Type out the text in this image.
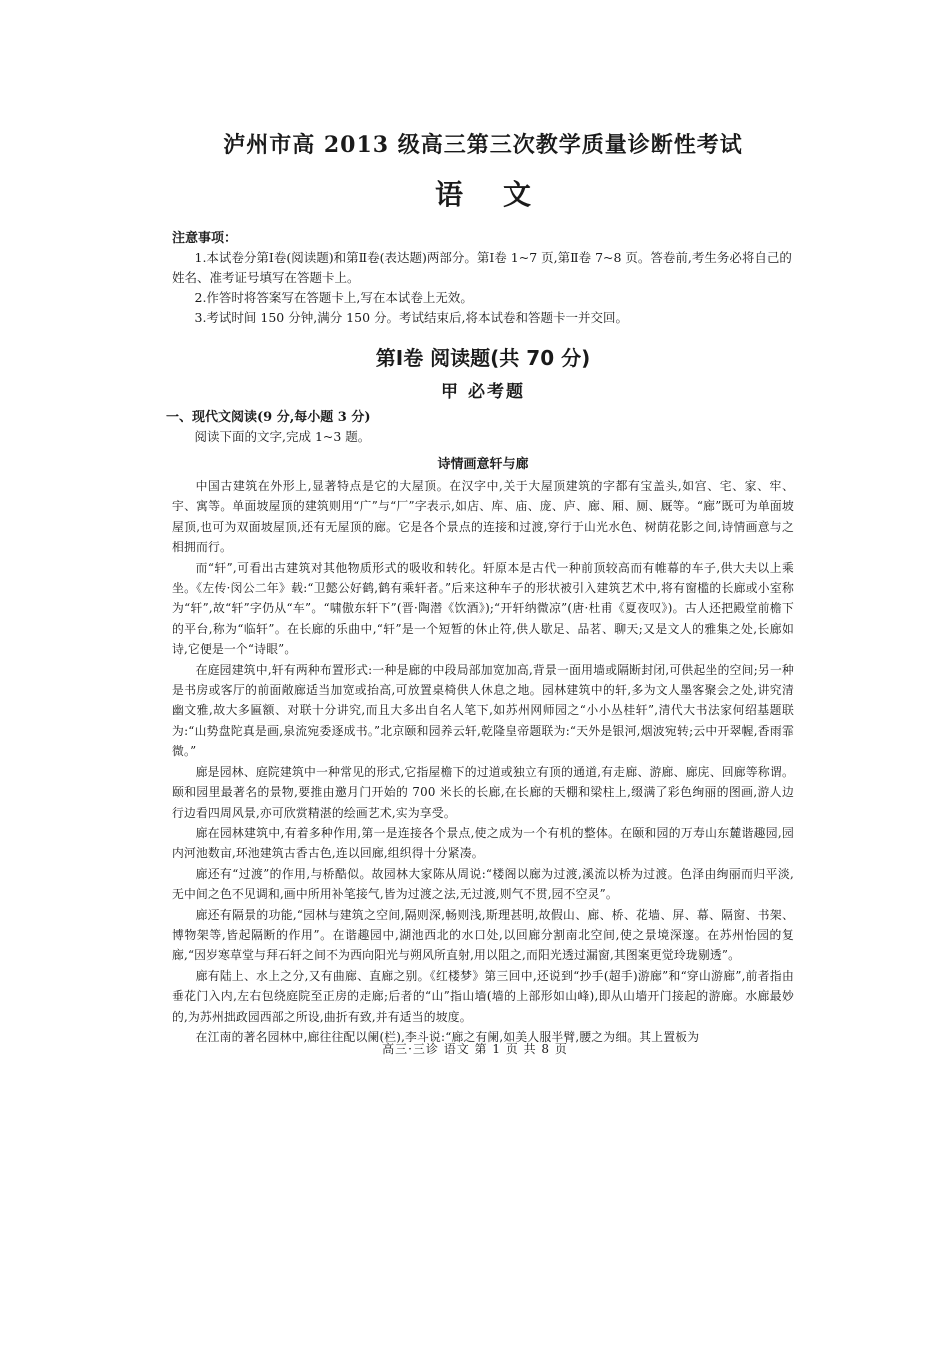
泸州市高 2013 级高三第三次教学质量诊断性考试
语文
注意事项：

1.本试卷分第Ⅰ卷(阅读题)和第Ⅱ卷(表达题)两部分。第Ⅰ卷 1~7 页,第Ⅱ卷 7~8 页。答卷前,考生务必将自己的姓名、准考证号填写在答题卡上。

2.作答时将答案写在答题卡上,写在本试卷上无效。

3.考试时间 150 分钟,满分 150 分。考试结束后,将本试卷和答题卡一并交回。

第Ⅰ卷 阅读题(共 70 分)
甲 必考题
一、现代文阅读(9 分,每小题 3 分)

阅读下面的文字,完成 1~3 题。

诗情画意轩与廊

中国古建筑在外形上,显著特点是它的大屋顶。在汉字中,关于大屋顶建筑的字都有宝盖头,如宫、宅、家、牢、宇、寓等。单面坡屋顶的建筑则用“广”与“厂”字表示,如店、库、庙、庞、庐、廊、厢、厕、厩等。“廊”既可为单面坡屋顶,也可为双面坡屋顶,还有无屋顶的廊。它是各个景点的连接和过渡,穿行于山光水色、树荫花影之间,诗情画意与之相拥而行。

而“轩”,可看出古建筑对其他物质形式的吸收和转化。轩原本是古代一种前顶较高而有帷幕的车子,供大夫以上乘坐。《左传·闵公二年》载:“卫懿公好鹤,鹤有乘轩者。”后来这种车子的形状被引入建筑艺术中,将有窗槛的长廊或小室称为“轩”,故“轩”字仍从“车”。“啸傲东轩下”(晋·陶潜《饮酒》);“开轩纳微凉”(唐·杜甫《夏夜叹》)。古人还把殿堂前檐下的平台,称为“临轩”。在长廊的乐曲中,“轩”是一个短暂的休止符,供人歇足、品茗、聊天;又是文人的雅集之处,长廊如诗,它便是一个“诗眼”。

在庭园建筑中,轩有两种布置形式:一种是廊的中段局部加宽加高,背景一面用墙或隔断封闭,可供起坐的空间;另一种是书房或客厅的前面敞廊适当加宽或抬高,可放置桌椅供人休息之地。园林建筑中的轩,多为文人墨客聚会之处,讲究清幽文雅,故大多匾额、对联十分讲究,而且大多出自名人笔下,如苏州网师园之“小小丛桂轩”,清代大书法家何绍基题联为:“山势盘陀真是画,泉流宛委逐成书。”北京颐和园养云轩,乾隆皇帝题联为:“天外是银河,烟波宛转;云中开翠幄,香雨霏微。”

廊是园林、庭院建筑中一种常见的形式,它指屋檐下的过道或独立有顶的通道,有走廊、游廊、廊庑、回廊等称谓。颐和园里最著名的景物,要推由邀月门开始的 700 米长的长廊,在长廊的天棚和梁柱上,缀满了彩色绚丽的图画,游人边行边看四周风景,亦可欣赏精湛的绘画艺术,实为享受。

廊在园林建筑中,有着多种作用,第一是连接各个景点,使之成为一个有机的整体。在颐和园的万寿山东麓谐趣园,园内河池数亩,环池建筑古香古色,连以回廊,组织得十分紧凑。

廊还有“过渡”的作用,与桥酷似。故园林大家陈从周说:“楼阁以廊为过渡,溪流以桥为过渡。色泽由绚丽而归平淡,无中间之色不见调和,画中所用补笔接气,皆为过渡之法,无过渡,则气不贯,园不空灵”。

廊还有隔景的功能,“园林与建筑之空间,隔则深,畅则浅,斯理甚明,故假山、廊、桥、花墙、屏、幕、隔窗、书架、博物架等,皆起隔断的作用”。在谐趣园中,湖池西北的水口处,以回廊分割南北空间,使之景境深邃。在苏州怡园的复廊,“因岁寒草堂与拜石轩之间不为西向阳光与朔风所直射,用以阻之,而阳光透过漏窗,其图案更觉玲珑剔透”。

廊有陆上、水上之分,又有曲廊、直廊之别。《红楼梦》第三回中,还说到“抄手(超手)游廊”和“穿山游廊”,前者指由垂花门入内,左右包绕庭院至正房的走廊;后者的“山”指山墙(墙的上部形如山峰),即从山墙开门接起的游廊。水廊最妙的,为苏州拙政园西部之所设,曲折有致,并有适当的坡度。

在江南的著名园林中,廊往往配以阑(栏),李斗说:“廊之有阑,如美人服半臂,腰之为细。其上置板为

高三·三诊 语文 第 1 页 共 8 页
